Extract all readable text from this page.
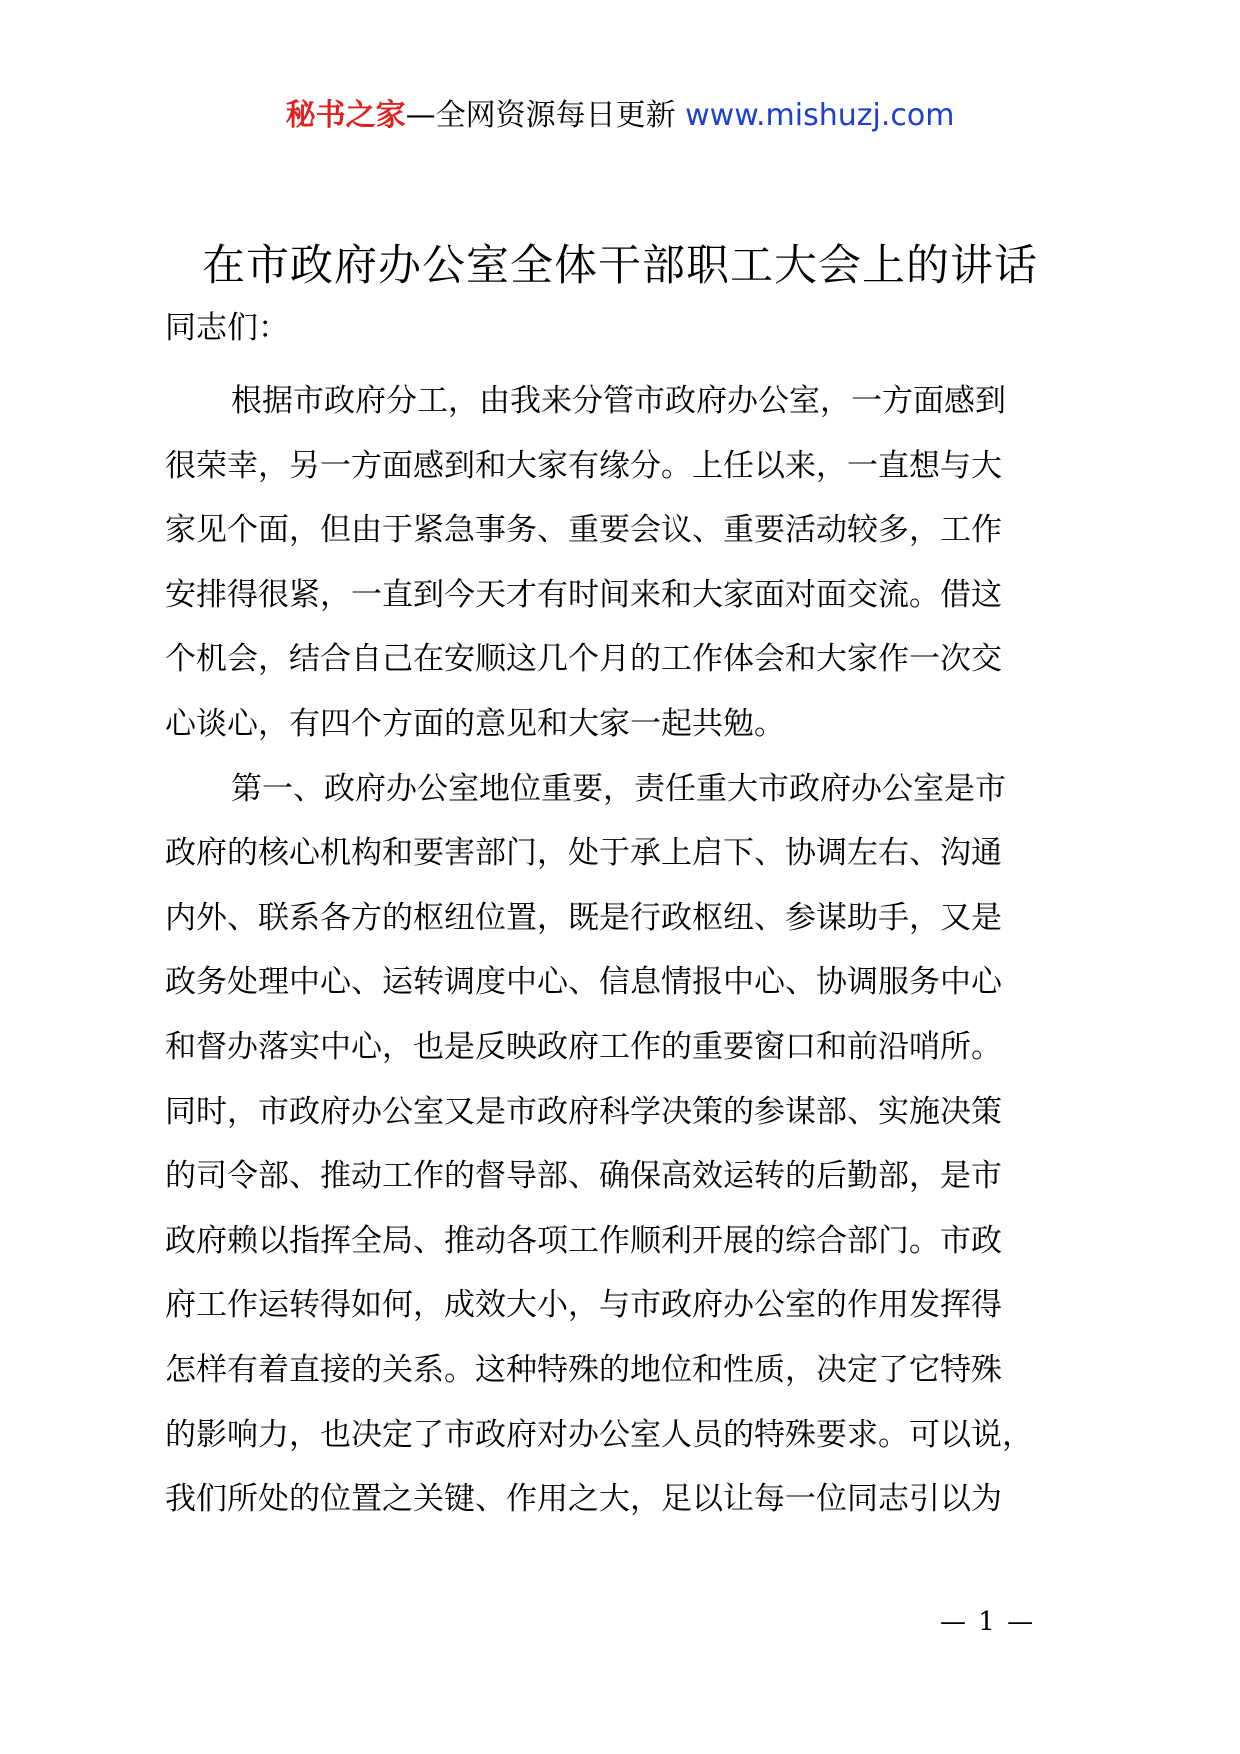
秘书之家—全网资源每日更新 www.mishuzj.com
在市政府办公室全体干部职工大会上的讲话
同志们：
根据市政府分工，由我来分管市政府办公室，一方面感到
很荣幸，另一方面感到和大家有缘分。上任以来，一直想与大
家见个面，但由于紧急事务、重要会议、重要活动较多，工作
安排得很紧，一直到今天才有时间来和大家面对面交流。借这
个机会，结合自己在安顺这几个月的工作体会和大家作一次交
心谈心，有四个方面的意见和大家一起共勉。
第一、政府办公室地位重要，责任重大市政府办公室是市
政府的核心机构和要害部门，处于承上启下、协调左右、沟通
内外、联系各方的枢纽位置，既是行政枢纽、参谋助手，又是
政务处理中心、运转调度中心、信息情报中心、协调服务中心
和督办落实中心，也是反映政府工作的重要窗口和前沿哨所。
同时，市政府办公室又是市政府科学决策的参谋部、实施决策
的司令部、推动工作的督导部、确保高效运转的后勤部，是市
政府赖以指挥全局、推动各项工作顺利开展的综合部门。市政
府工作运转得如何，成效大小，与市政府办公室的作用发挥得
怎样有着直接的关系。这种特殊的地位和性质，决定了它特殊
的影响力，也决定了市政府对办公室人员的特殊要求。可以说，
我们所处的位置之关键、作用之大，足以让每一位同志引以为
— 1 —
